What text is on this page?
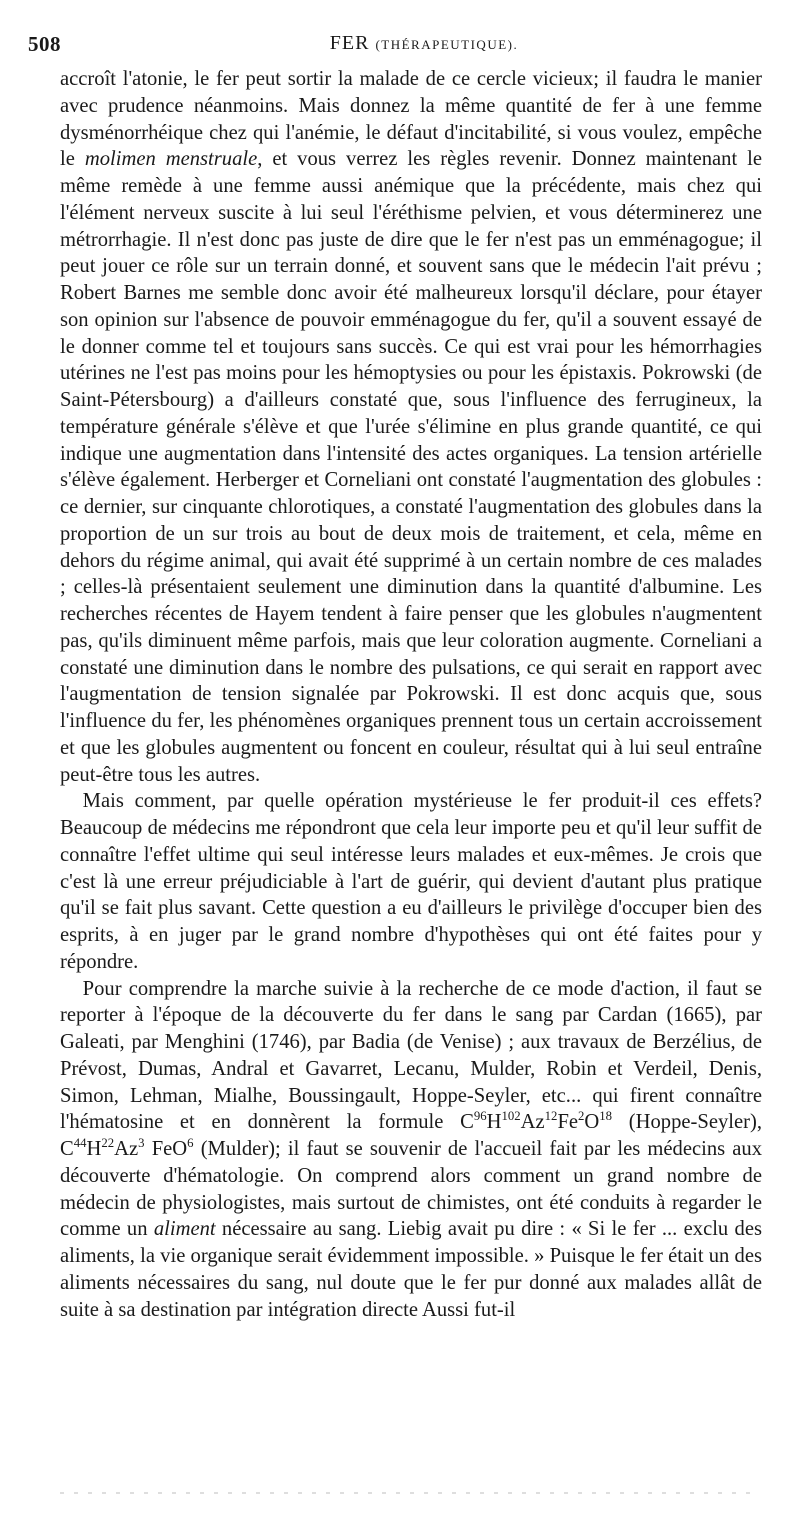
508	FER (THÉRAPEUTIQUE).

accroît l'atonie, le fer peut sortir la malade de ce cercle vicieux; il faudra le manier avec prudence néanmoins. Mais donnez la même quantité de fer à une femme dysménorrhéique chez qui l'anémie, le défaut d'incitabilité, si vous voulez, empêche le molimen menstruale, et vous verrez les règles revenir. Donnez maintenant le même remède à une femme aussi anémique que la précédente, mais chez qui l'élément nerveux suscite à lui seul l'éréthisme pelvien, et vous déterminerez une métrorrhagie. Il n'est donc pas juste de dire que le fer n'est pas un emménagogue; il peut jouer ce rôle sur un terrain donné, et souvent sans que le médecin l'ait prévu ; Robert Barnes me semble donc avoir été malheureux lorsqu'il déclare, pour étayer son opinion sur l'absence de pouvoir emménagogue du fer, qu'il a souvent essayé de le donner comme tel et toujours sans succès. Ce qui est vrai pour les hémorrhagies utérines ne l'est pas moins pour les hémoptysies ou pour les épistaxis. Pokrowski (de Saint-Pétersbourg) a d'ailleurs constaté que, sous l'influence des ferrugineux, la température générale s'élève et que l'urée s'élimine en plus grande quantité, ce qui indique une augmentation dans l'intensité des actes organiques. La tension artérielle s'élève également. Herberger et Corneliani ont constaté l'augmentation des globules : ce dernier, sur cinquante chlorotiques, a constaté l'augmentation des globules dans la proportion de un sur trois au bout de deux mois de traitement, et cela, même en dehors du régime animal, qui avait été supprimé à un certain nombre de ces malades ; celles-là présentaient seulement une diminution dans la quantité d'albumine. Les recherches récentes de Hayem tendent à faire penser que les globules n'augmentent pas, qu'ils diminuent même parfois, mais que leur coloration augmente. Corneliani a constaté une diminution dans le nombre des pulsations, ce qui serait en rapport avec l'augmentation de tension signalée par Pokrowski. Il est donc acquis que, sous l'influence du fer, les phénomènes organiques prennent tous un certain accroissement et que les globules augmentent ou foncent en couleur, résultat qui à lui seul entraîne peut-être tous les autres.

Mais comment, par quelle opération mystérieuse le fer produit-il ces effets? Beaucoup de médecins me répondront que cela leur importe peu et qu'il leur suffit de connaître l'effet ultime qui seul intéresse leurs malades et eux-mêmes. Je crois que c'est là une erreur préjudiciable à l'art de guérir, qui devient d'autant plus pratique qu'il se fait plus savant. Cette question a eu d'ailleurs le privilège d'occuper bien des esprits, à en juger par le grand nombre d'hypothèses qui ont été faites pour y répondre.

Pour comprendre la marche suivie à la recherche de ce mode d'action, il faut se reporter à l'époque de la découverte du fer dans le sang par Cardan (1665), par Galeati, par Menghini (1746), par Badia (de Venise) ; aux travaux de Berzélius, de Prévost, Dumas, Andral et Gavarret, Lecanu, Mulder, Robin et Verdeil, Denis, Simon, Lehman, Mialhe, Boussingault, Hoppe-Seyler, etc... qui firent connaître l'hématosine et en donnèrent la formule $C^{96}H^{102}Az^{12}Fe^2O^{18}$ (Hoppe-Seyler), $C^{44}H^{22}Az^3$ FeO$^6$ (Mulder); il faut se souvenir de l'accueil fait par les médecins aux découverte d'hématologie. On comprend alors comment un grand nombre de médecin de physiologistes, mais surtout de chimistes, ont été conduits à regarder le comme un aliment nécessaire au sang. Liebig avait pu dire : « Si le fer ... exclu des aliments, la vie organique serait évidemment impossible. » Puisque le fer était un des aliments nécessaires du sang, nul doute que le fer pur donné aux malades allât de suite à sa destination par intégration directe Aussi fut-il
